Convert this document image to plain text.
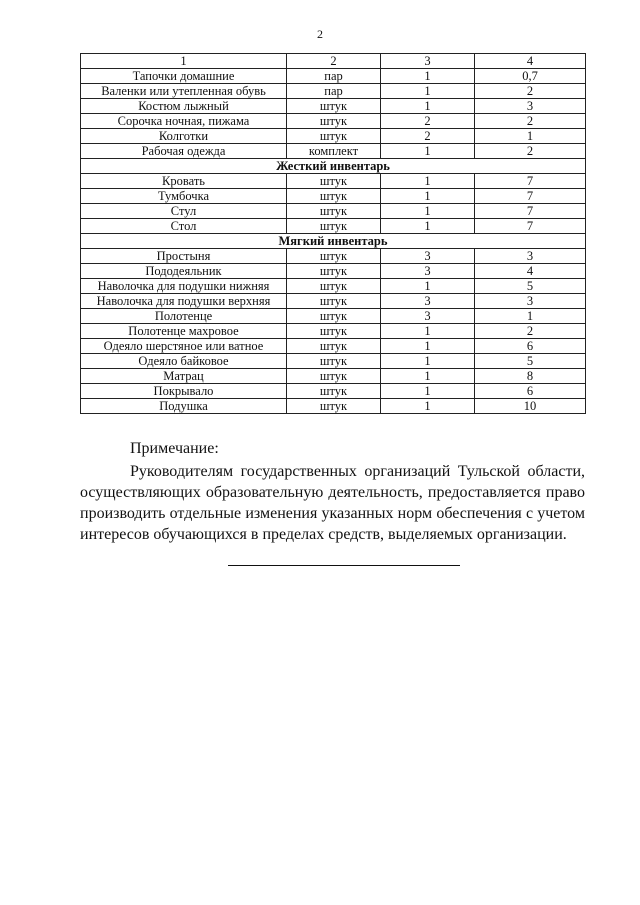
2
1	2	3	4
Тапочки домашние	пар	1	0,7
Валенки или утепленная обувь	пар	1	2
Костюм лыжный	штук	1	3
Сорочка ночная, пижама	штук	2	2
Колготки	штук	2	1
Рабочая одежда	комплект	1	2
Жесткий инвентарь			
Кровать	штук	1	7
Тумбочка	штук	1	7
Стул	штук	1	7
Стол	штук	1	7
Мягкий инвентарь			
Простыня	штук	3	3
Пододеяльник	штук	3	4
Наволочка для подушки нижняя	штук	1	5
Наволочка для подушки верхняя	штук	3	3
Полотенце	штук	3	1
Полотенце махровое	штук	1	2
Одеяло шерстяное или ватное	штук	1	6
Одеяло байковое	штук	1	5
Матрац	штук	1	8
Покрывало	штук	1	6
Подушка	штук	1	10

Примечание:

Руководителям государственных организаций Тульской области, осуществляющих образовательную деятельность, предоставляется право производить отдельные изменения указанных норм обеспечения с учетом интересов обучающихся в пределах средств, выделяемых организации.
